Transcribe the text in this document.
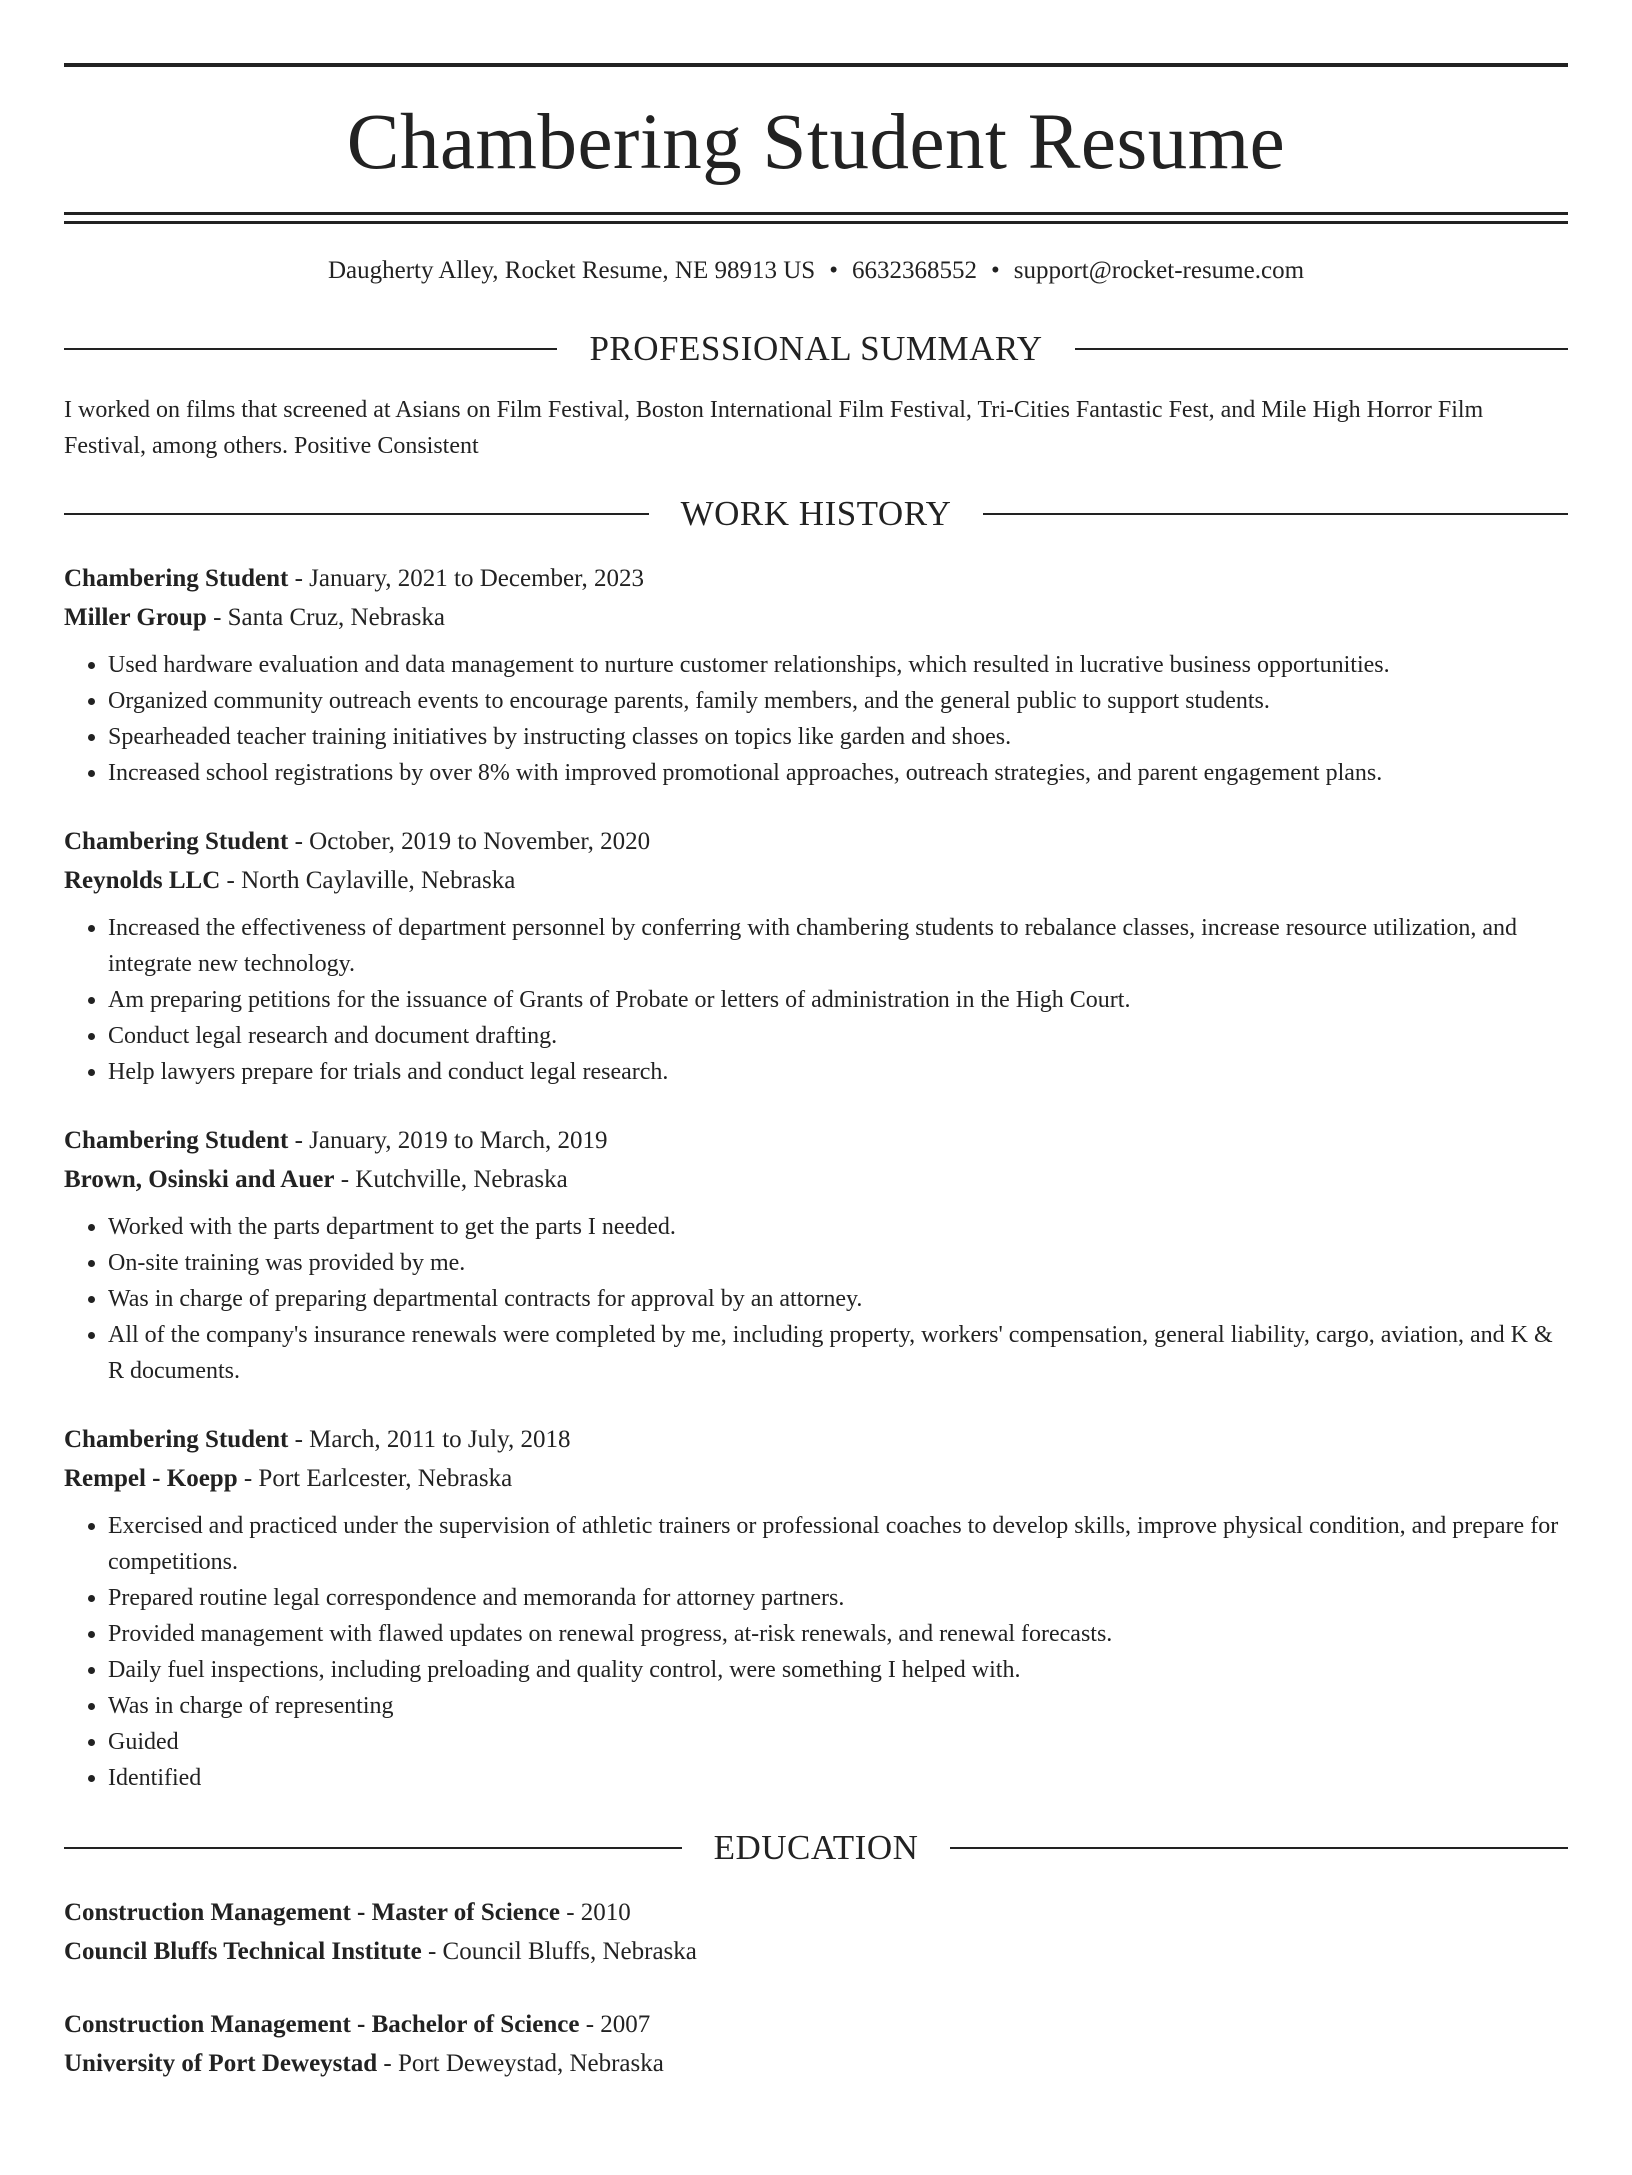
Chambering Student Resume
Daugherty Alley, Rocket Resume, NE 98913 US • 6632368552 • support@rocket-resume.com
PROFESSIONAL SUMMARY
I worked on films that screened at Asians on Film Festival, Boston International Film Festival, Tri-Cities Fantastic Fest, and Mile High Horror Film Festival, among others. Positive Consistent
WORK HISTORY
Chambering Student - January, 2021 to December, 2023
Miller Group - Santa Cruz, Nebraska
• Used hardware evaluation and data management to nurture customer relationships, which resulted in lucrative business opportunities.
• Organized community outreach events to encourage parents, family members, and the general public to support students.
• Spearheaded teacher training initiatives by instructing classes on topics like garden and shoes.
• Increased school registrations by over 8% with improved promotional approaches, outreach strategies, and parent engagement plans.
Chambering Student - October, 2019 to November, 2020
Reynolds LLC - North Caylaville, Nebraska
• Increased the effectiveness of department personnel by conferring with chambering students to rebalance classes, increase resource utilization, and integrate new technology.
• Am preparing petitions for the issuance of Grants of Probate or letters of administration in the High Court.
• Conduct legal research and document drafting.
• Help lawyers prepare for trials and conduct legal research.
Chambering Student - January, 2019 to March, 2019
Brown, Osinski and Auer - Kutchville, Nebraska
• Worked with the parts department to get the parts I needed.
• On-site training was provided by me.
• Was in charge of preparing departmental contracts for approval by an attorney.
• All of the company's insurance renewals were completed by me, including property, workers' compensation, general liability, cargo, aviation, and K & R documents.
Chambering Student - March, 2011 to July, 2018
Rempel - Koepp - Port Earlcester, Nebraska
• Exercised and practiced under the supervision of athletic trainers or professional coaches to develop skills, improve physical condition, and prepare for competitions.
• Prepared routine legal correspondence and memoranda for attorney partners.
• Provided management with flawed updates on renewal progress, at-risk renewals, and renewal forecasts.
• Daily fuel inspections, including preloading and quality control, were something I helped with.
• Was in charge of representing
• Guided
• Identified
EDUCATION
Construction Management - Master of Science - 2010
Council Bluffs Technical Institute - Council Bluffs, Nebraska
Construction Management - Bachelor of Science - 2007
University of Port Deweystad - Port Deweystad, Nebraska
